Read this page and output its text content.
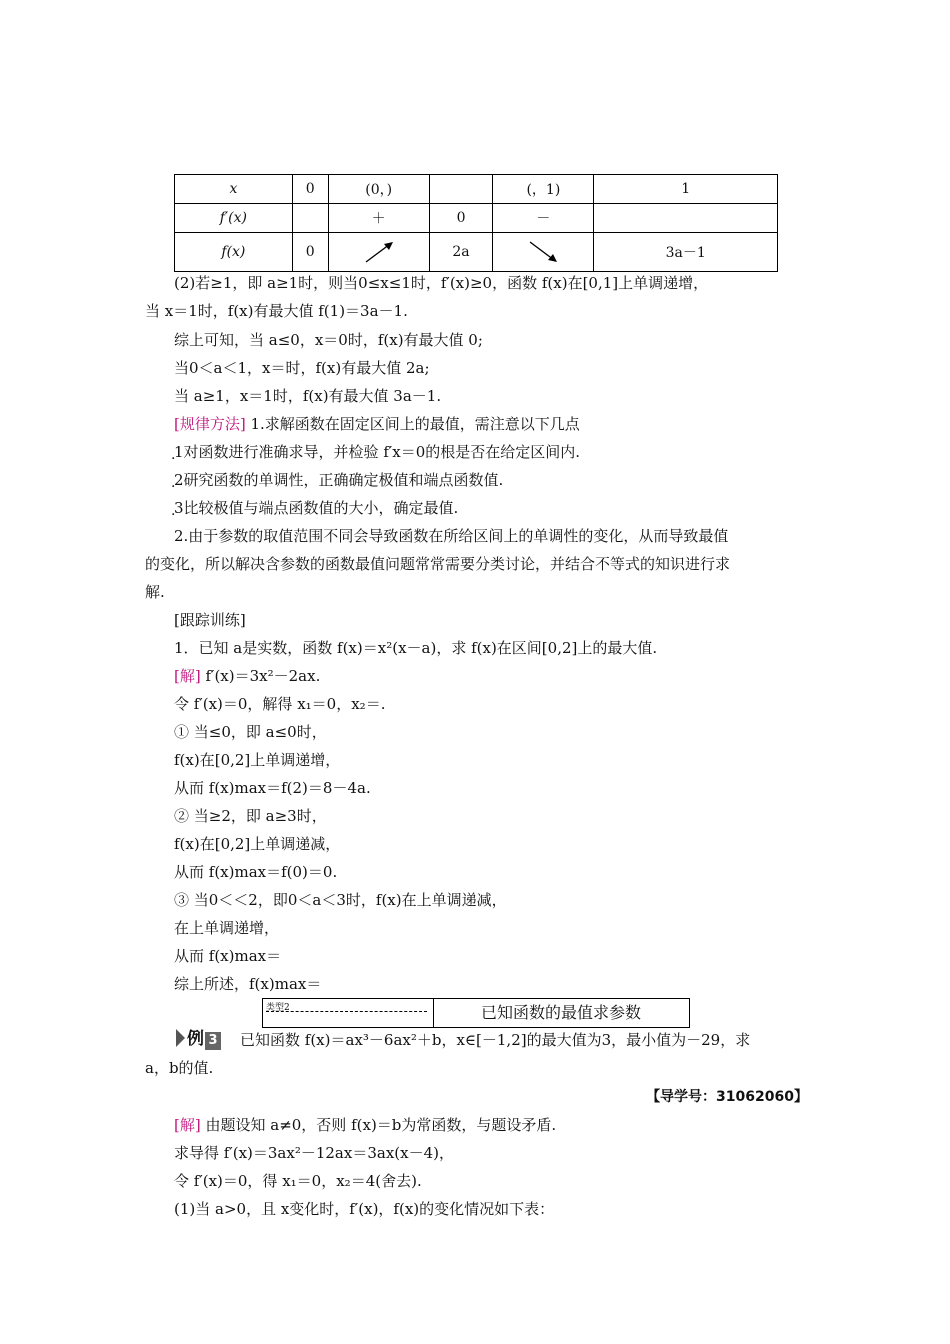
x	0	(0，)		(，1)	1
f′(x)		＋	0	－	
f(x)	0		2a		3a－1
(2)若≥1，即 a≥1时，则当0≤x≤1时，f′(x)≥0，函数 f(x)在[0,1]上单调递增，
当 x＝1时，f(x)有最大值 f(1)＝3a－1.
综上可知，当 a≤0，x＝0时，f(x)有最大值 0;
当0＜a＜1，x＝时，f(x)有最大值 2a;
当 a≥1，x＝1时，f(x)有最大值 3a－1.
[规律方法] 1.求解函数在固定区间上的最值，需注意以下几点
1对函数进行准确求导，并检验 f′x＝0的根是否在给定区间内.
·
2研究函数的单调性，正确确定极值和端点函数值.
·
3比较极值与端点函数值的大小，确定最值.
·
2.由于参数的取值范围不同会导致函数在所给区间上的单调性的变化，从而导致最值
的变化，所以解决含参数的函数最值问题常常需要分类讨论，并结合不等式的知识进行求
解.
[跟踪训练]
1．已知 a是实数，函数 f(x)＝x²(x－a)，求 f(x)在区间[0,2]上的最大值.
[解] f′(x)＝3x²－2ax.
令 f′(x)＝0，解得 x₁＝0，x₂＝.
① 当≤0，即 a≤0时，
f(x)在[0,2]上单调递增，
从而 f(x)max＝f(2)＝8－4a.
② 当≥2，即 a≥3时，
f(x)在[0,2]上单调递减，
从而 f(x)max＝f(0)＝0.
③ 当0＜＜2，即0＜a＜3时，f(x)在上单调递减，
在上单调递增，
从而 f(x)max＝
综上所述，f(x)max＝
类型2	已知函数的最值求参数
例 3 已知函数 f(x)＝ax³－6ax²＋b，x∈[－1,2]的最大值为3，最小值为－29，求
a，b的值.
【导学号：31062060】
[解] 由题设知 a≠0，否则 f(x)＝b为常函数，与题设矛盾.
求导得 f′(x)＝3ax²－12ax＝3ax(x－4)，
令 f′(x)＝0，得 x₁＝0，x₂＝4(舍去).
(1)当 a>0，且 x变化时，f′(x)，f(x)的变化情况如下表：
